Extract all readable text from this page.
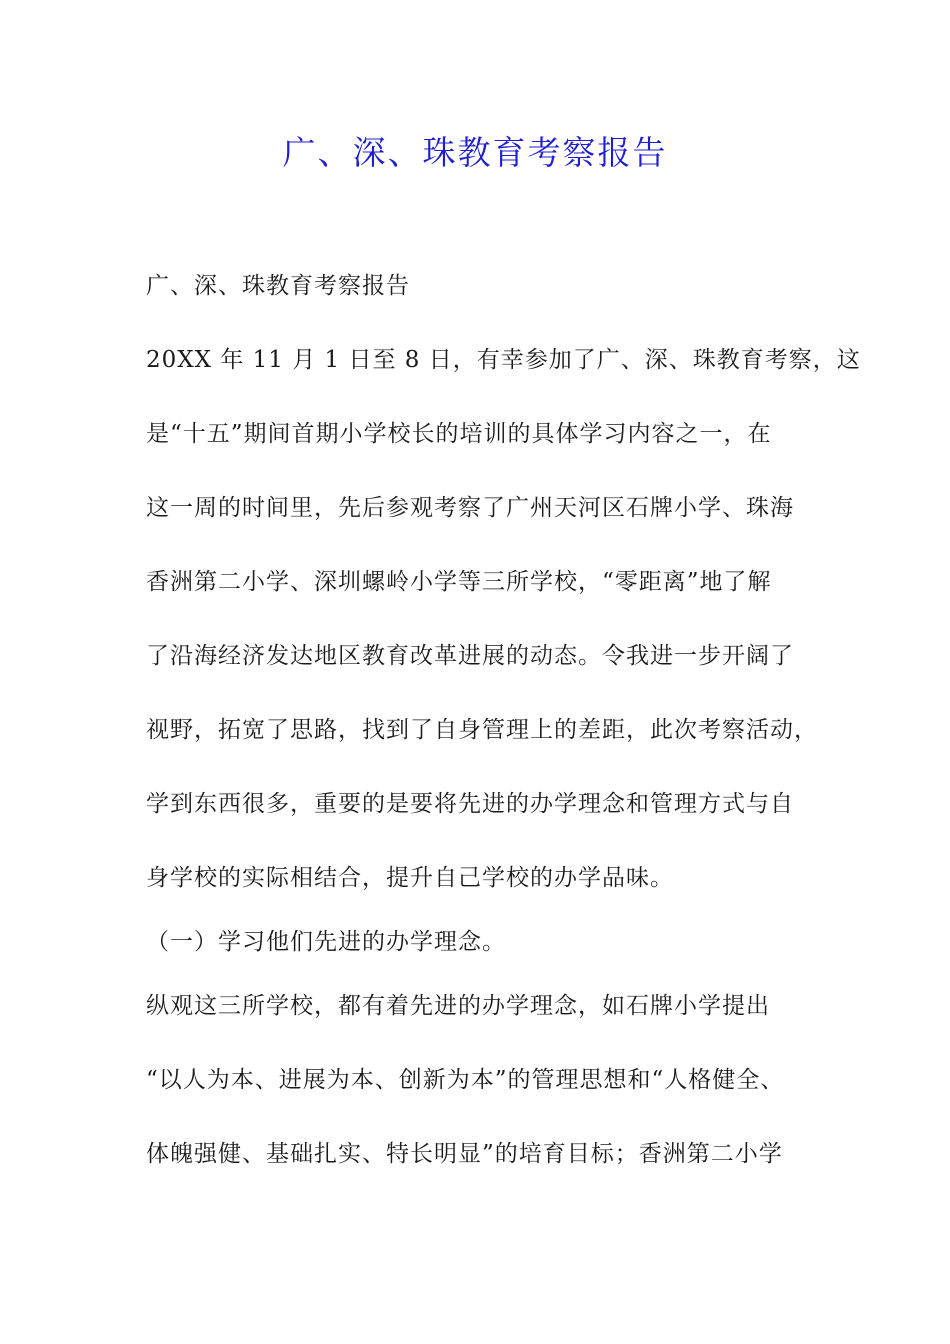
广、深、珠教育考察报告
广、深、珠教育考察报告
20XX 年 11 月 1 日至 8 日，有幸参加了广、深、珠教育考察，这
是“十五”期间首期小学校长的培训的具体学习内容之一，在
这一周的时间里，先后参观考察了广州天河区石牌小学、珠海
香洲第二小学、深圳螺岭小学等三所学校，“零距离”地了解
了沿海经济发达地区教育改革进展的动态。令我进一步开阔了
视野，拓宽了思路，找到了自身管理上的差距，此次考察活动，
学到东西很多，重要的是要将先进的办学理念和管理方式与自
身学校的实际相结合，提升自己学校的办学品味。
（一）学习他们先进的办学理念。
纵观这三所学校，都有着先进的办学理念，如石牌小学提出
“以人为本、进展为本、创新为本”的管理思想和“人格健全、
体魄强健、基础扎实、特长明显”的培育目标；香洲第二小学
